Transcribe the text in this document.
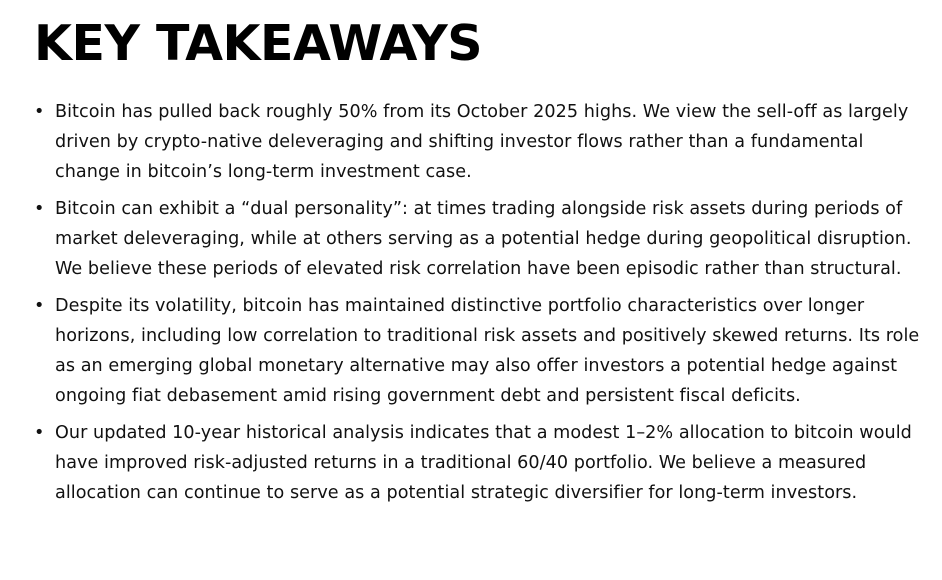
KEY TAKEAWAYS
• Bitcoin has pulled back roughly 50% from its October 2025 highs. We view the sell-off as largely driven by crypto-native deleveraging and shifting investor flows rather than a fundamental change in bitcoin’s long-term investment case.
• Bitcoin can exhibit a “dual personality”: at times trading alongside risk assets during periods of market deleveraging, while at others serving as a potential hedge during geopolitical disruption. We believe these periods of elevated risk correlation have been episodic rather than structural.
• Despite its volatility, bitcoin has maintained distinctive portfolio characteristics over longer horizons, including low correlation to traditional risk assets and positively skewed returns. Its role as an emerging global monetary alternative may also offer investors a potential hedge against ongoing fiat debasement amid rising government debt and persistent fiscal deficits.
• Our updated 10-year historical analysis indicates that a modest 1–2% allocation to bitcoin would have improved risk-adjusted returns in a traditional 60/40 portfolio. We believe a measured allocation can continue to serve as a potential strategic diversifier for long-term investors.
